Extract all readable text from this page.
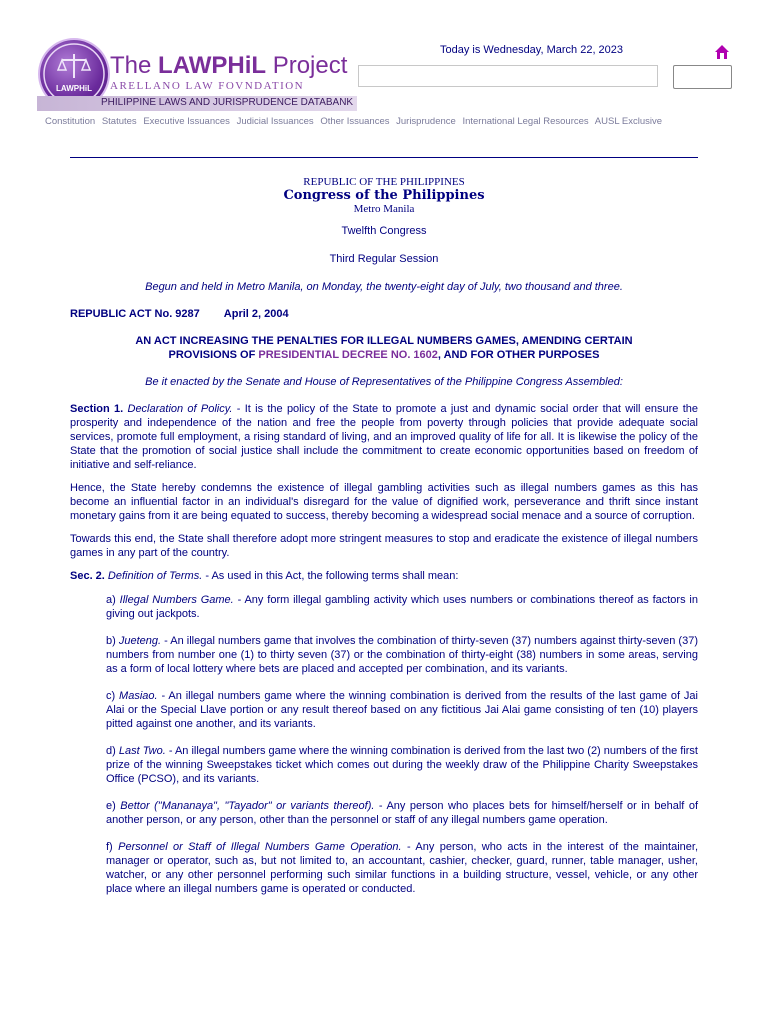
LAWPHiL
The LAWPHiL Project
ARELLANO LAW FOVNDATION
PHILIPPINE LAWS AND JURISPRUDENCE DATABANK
Today is Wednesday, March 22, 2023
Constitution Statutes Executive Issuances Judicial Issuances Other Issuances Jurisprudence International Legal Resources AUSL Exclusive

REPUBLIC OF THE PHILIPPINES

Congress of the Philippines

Metro Manila

Twelfth Congress

Third Regular Session

Begun and held in Metro Manila, on Monday, the twenty-eight day of July, two thousand and three.

REPUBLIC ACT No. 9287 April 2, 2004

AN ACT INCREASING THE PENALTIES FOR ILLEGAL NUMBERS GAMES, AMENDING CERTAIN PROVISIONS OF PRESIDENTIAL DECREE NO. 1602, AND FOR OTHER PURPOSES

Be it enacted by the Senate and House of Representatives of the Philippine Congress Assembled:

Section 1. Declaration of Policy. - It is the policy of the State to promote a just and dynamic social order that will ensure the prosperity and independence of the nation and free the people from poverty through policies that provide adequate social services, promote full employment, a rising standard of living, and an improved quality of life for all. It is likewise the policy of the State that the promotion of social justice shall include the commitment to create economic opportunities based on freedom of initiative and self-reliance.

Hence, the State hereby condemns the existence of illegal gambling activities such as illegal numbers games as this has become an influential factor in an individual's disregard for the value of dignified work, perseverance and thrift since instant monetary gains from it are being equated to success, thereby becoming a widespread social menace and a source of corruption.

Towards this end, the State shall therefore adopt more stringent measures to stop and eradicate the existence of illegal numbers games in any part of the country.

Sec. 2. Definition of Terms. - As used in this Act, the following terms shall mean:

a) Illegal Numbers Game. - Any form illegal gambling activity which uses numbers or combinations thereof as factors in giving out jackpots.

b) Jueteng. - An illegal numbers game that involves the combination of thirty-seven (37) numbers against thirty-seven (37) numbers from number one (1) to thirty seven (37) or the combination of thirty-eight (38) numbers in some areas, serving as a form of local lottery where bets are placed and accepted per combination, and its variants.

c) Masiao. - An illegal numbers game where the winning combination is derived from the results of the last game of Jai Alai or the Special Llave portion or any result thereof based on any fictitious Jai Alai game consisting of ten (10) players pitted against one another, and its variants.

d) Last Two. - An illegal numbers game where the winning combination is derived from the last two (2) numbers of the first prize of the winning Sweepstakes ticket which comes out during the weekly draw of the Philippine Charity Sweepstakes Office (PCSO), and its variants.

e) Bettor ("Mananaya", "Tayador" or variants thereof). - Any person who places bets for himself/herself or in behalf of another person, or any person, other than the personnel or staff of any illegal numbers game operation.

f) Personnel or Staff of Illegal Numbers Game Operation. - Any person, who acts in the interest of the maintainer, manager or operator, such as, but not limited to, an accountant, cashier, checker, guard, runner, table manager, usher, watcher, or any other personnel performing such similar functions in a building structure, vessel, vehicle, or any other place where an illegal numbers game is operated or conducted.
